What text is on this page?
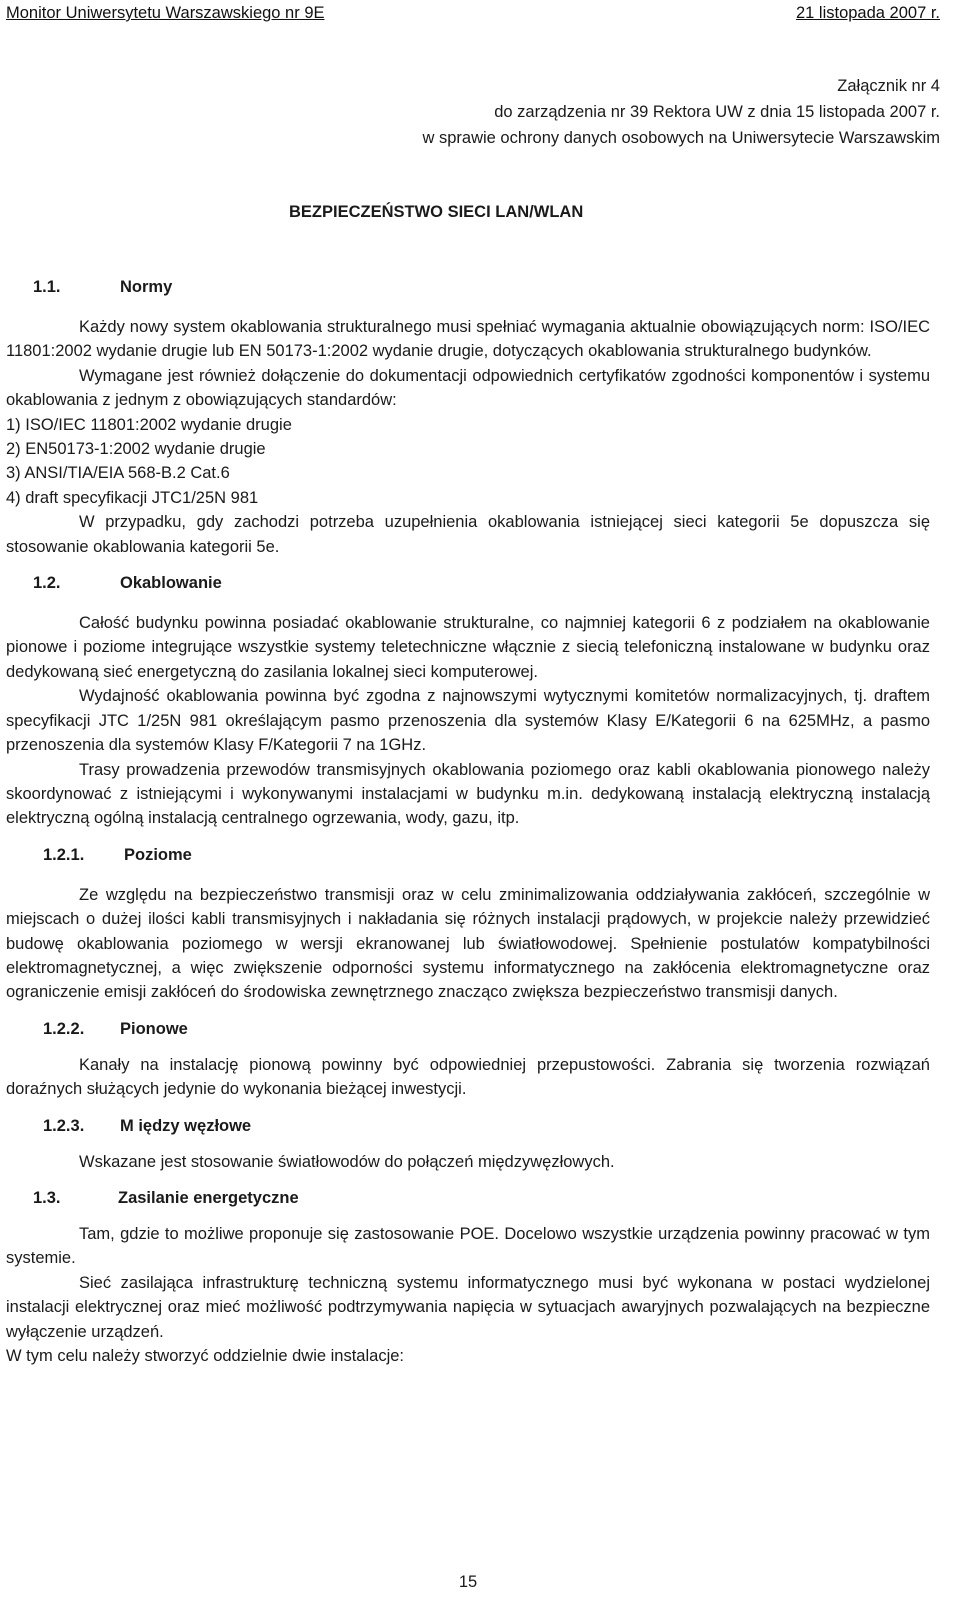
Monitor Uniwersytetu Warszawskiego nr 9E	21 listopada 2007 r.
Załącznik nr 4
do zarządzenia nr 39 Rektora UW z dnia 15 listopada 2007 r.
w sprawie ochrony danych osobowych na Uniwersytecie Warszawskim
BEZPIECZEŃSTWO SIECI LAN/WLAN
1.1.	Normy

Każdy nowy system okablowania strukturalnego musi spełniać wymagania aktualnie obowiązujących norm: ISO/IEC 11801:2002 wydanie drugie lub EN 50173-1:2002 wydanie drugie, dotyczących okablowania strukturalnego budynków.

Wymagane jest również dołączenie do dokumentacji odpowiednich certyfikatów zgodności komponentów i systemu okablowania z jednym z obowiązujących standardów:

1) ISO/IEC 11801:2002 wydanie drugie

2) EN50173-1:2002 wydanie drugie

3) ANSI/TIA/EIA 568-B.2 Cat.6

4) draft specyfikacji JTC1/25N 981

W przypadku, gdy zachodzi potrzeba uzupełnienia okablowania istniejącej sieci kategorii 5e dopuszcza się stosowanie okablowania kategorii 5e.

1.2.	Okablowanie

Całość budynku powinna posiadać okablowanie strukturalne, co najmniej kategorii 6 z podziałem na okablowanie pionowe i poziome integrujące wszystkie systemy teletechniczne włącznie z siecią telefoniczną instalowane w budynku oraz dedykowaną sieć energetyczną do zasilania lokalnej sieci komputerowej.

Wydajność okablowania powinna być zgodna z najnowszymi wytycznymi komitetów normalizacyjnych, tj. draftem specyfikacji JTC 1/25N 981 określającym pasmo przenoszenia dla systemów Klasy E/Kategorii 6 na 625MHz, a pasmo przenoszenia dla systemów Klasy F/Kategorii 7 na 1GHz.

Trasy prowadzenia przewodów transmisyjnych okablowania poziomego oraz kabli okablowania pionowego należy skoordynować z istniejącymi i wykonywanymi instalacjami w budynku m.in. dedykowaną instalacją elektryczną instalacją elektryczną ogólną instalacją centralnego ogrzewania, wody, gazu, itp.

1.2.1. Poziome

Ze względu na bezpieczeństwo transmisji oraz w celu zminimalizowania oddziaływania zakłóceń, szczególnie w miejscach o dużej ilości kabli transmisyjnych i nakładania się różnych instalacji prądowych, w projekcie należy przewidzieć budowę okablowania poziomego w wersji ekranowanej lub światłowodowej. Spełnienie postulatów kompatybilności elektromagnetycznej, a więc zwiększenie odporności systemu informatycznego na zakłócenia elektromagnetyczne oraz ograniczenie emisji zakłóceń do środowiska zewnętrznego znacząco zwiększa bezpieczeństwo transmisji danych.

1.2.2. Pionowe

Kanały na instalację pionową powinny być odpowiedniej przepustowości. Zabrania się tworzenia rozwiązań doraźnych służących jedynie do wykonania bieżącej inwestycji.

1.2.3. M iędzy węzłowe

Wskazane jest stosowanie światłowodów do połączeń międzywęzłowych.

1.3.	Zasilanie energetyczne

Tam, gdzie to możliwe proponuje się zastosowanie POE. Docelowo wszystkie urządzenia powinny pracować w tym systemie.

Sieć zasilająca infrastrukturę techniczną systemu informatycznego musi być wykonana w postaci wydzielonej instalacji elektrycznej oraz mieć możliwość podtrzymywania napięcia w sytuacjach awaryjnych pozwalających na bezpieczne wyłączenie urządzeń.

W tym celu należy stworzyć oddzielnie dwie instalacje:

15
